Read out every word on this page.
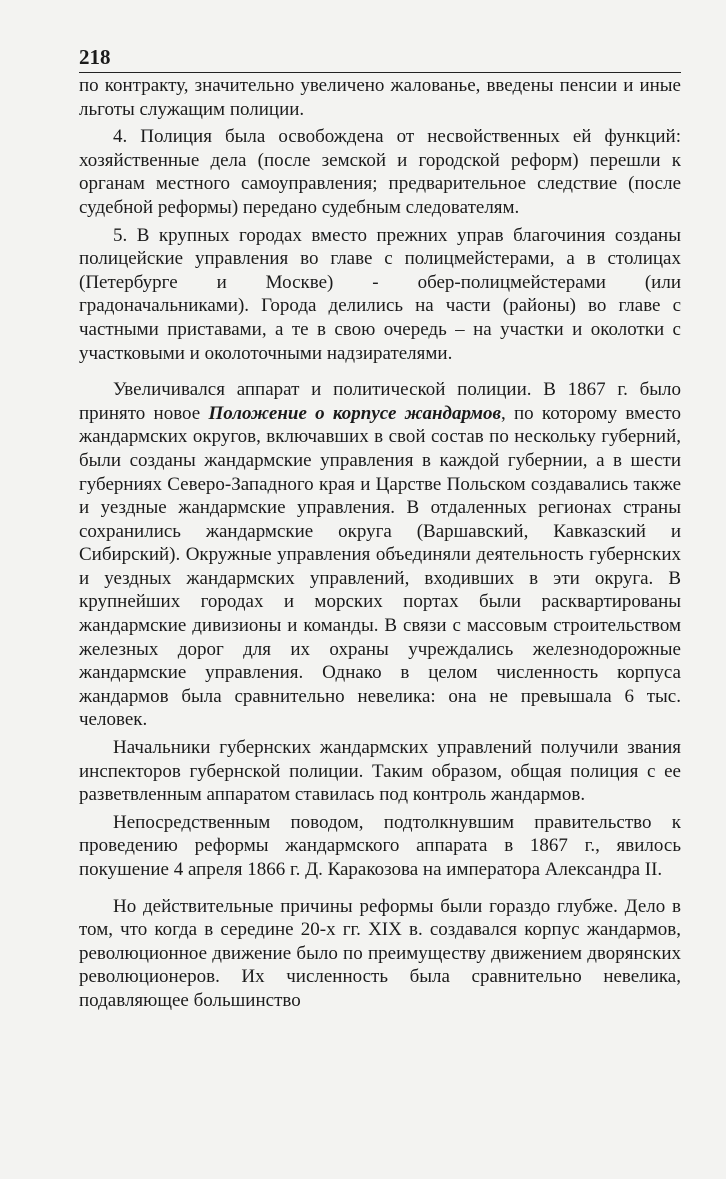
218

по контракту, значительно увеличено жалованье, введены пенсии и иные льготы служащим полиции.

4. Полиция была освобождена от несвойственных ей функций: хозяйственные дела (после земской и городской реформ) перешли к органам местного самоуправления; предварительное следствие (после судебной реформы) передано судебным следователям.

5. В крупных городах вместо прежних управ благочиния созданы полицейские управления во главе с полицмейстерами, а в столицах (Петербурге и Москве) - обер-полицмейстерами (или градоначальниками). Города делились на части (районы) во главе с частными приставами, а те в свою очередь – на участки и околотки с участковыми и околоточными надзирателями.

Увеличивался аппарат и политической полиции. В 1867 г. было принято новое Положение о корпусе жандармов, по которому вместо жандармских округов, включавших в свой состав по нескольку губерний, были созданы жандармские управления в каждой губернии, а в шести губерниях Северо-Западного края и Царстве Польском создавались также и уездные жандармские управления. В отдаленных регионах страны сохранились жандармские округа (Варшавский, Кавказский и Сибирский). Окружные управления объединяли деятельность губернских и уездных жандармских управлений, входивших в эти округа. В крупнейших городах и морских портах были расквартированы жандармские дивизионы и команды. В связи с массовым строительством железных дорог для их охраны учреждались железнодорожные жандармские управления. Однако в целом численность корпуса жандармов была сравнительно невелика: она не превышала 6 тыс. человек.

Начальники губернских жандармских управлений получили звания инспекторов губернской полиции. Таким образом, общая полиция с ее разветвленным аппаратом ставилась под контроль жандармов.

Непосредственным поводом, подтолкнувшим правительство к проведению реформы жандармского аппарата в 1867 г., явилось покушение 4 апреля 1866 г. Д. Каракозова на императора Александра II.

Но действительные причины реформы были гораздо глубже. Дело в том, что когда в середине 20-х гг. XIX в. создавался корпус жандармов, революционное движение было по преимуществу движением дворянских революционеров. Их численность была сравнительно невелика, подавляющее большинство
